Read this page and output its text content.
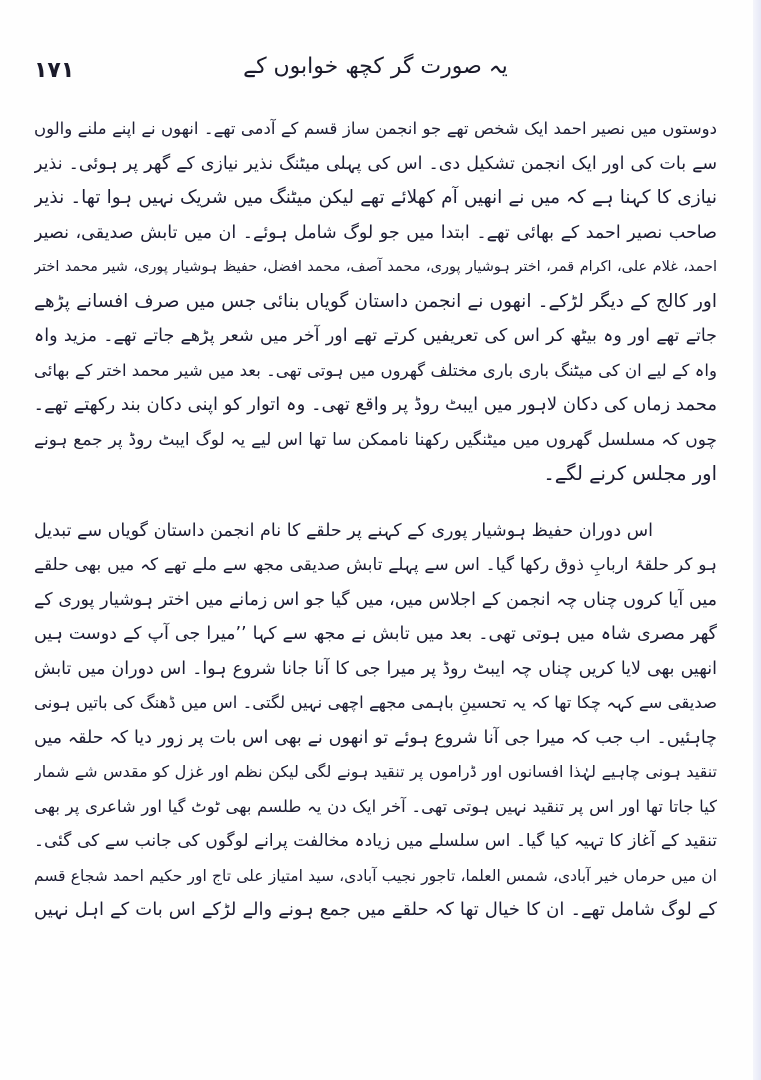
۱۷۱	یہ صورت گر کچھ خوابوں کے
دوستوں میں نصیر احمد ایک شخص تھے جو انجمن ساز قسم کے آدمی تھے۔ انھوں نے اپنے ملنے والوں
سے بات کی اور ایک انجمن تشکیل دی۔ اس کی پہلی میٹنگ نذیر نیازی کے گھر پر ہوئی۔ نذیر
نیازی کا کہنا ہے کہ میں نے انھیں آم کھلائے تھے لیکن میٹنگ میں شریک نہیں ہوا تھا۔ نذیر
صاحب نصیر احمد کے بھائی تھے۔ ابتدا میں جو لوگ شامل ہوئے۔ ان میں تابش صدیقی، نصیر
احمد، غلام علی، اکرام قمر، اختر ہوشیار پوری، محمد آصف، محمد افضل، حفیظ ہوشیار پوری، شیر محمد اختر
اور کالج کے دیگر لڑکے۔ انھوں نے انجمن داستان گویاں بنائی جس میں صرف افسانے پڑھے
جاتے تھے اور وہ بیٹھ کر اس کی تعریفیں کرتے تھے اور آخر میں شعر پڑھے جاتے تھے۔ مزید واہ
واہ کے لیے ان کی میٹنگ باری باری مختلف گھروں میں ہوتی تھی۔ بعد میں شیر محمد اختر کے بھائی
محمد زماں کی دکان لاہور میں ایبٹ روڈ پر واقع تھی۔ وہ اتوار کو اپنی دکان بند رکھتے تھے۔
چوں کہ مسلسل گھروں میں میٹنگیں رکھنا ناممکن سا تھا اس لیے یہ لوگ ایبٹ روڈ پر جمع ہونے
اور مجلس کرنے لگے۔
اس دوران حفیظ ہوشیار پوری کے کہنے پر حلقے کا نام انجمن داستان گویاں سے تبدیل
ہو کر حلقۂ اربابِ ذوق رکھا گیا۔ اس سے پہلے تابش صدیقی مجھ سے ملے تھے کہ میں بھی حلقے
میں آیا کروں چناں چہ انجمن کے اجلاس میں، میں گیا جو اس زمانے میں اختر ہوشیار پوری کے
گھر مصری شاہ میں ہوتی تھی۔ بعد میں تابش نے مجھ سے کہا ’’میرا جی آپ کے دوست ہیں
انھیں بھی لایا کریں چناں چہ ایبٹ روڈ پر میرا جی کا آنا جانا شروع ہوا۔ اس دوران میں تابش
صدیقی سے کہہ چکا تھا کہ یہ تحسینِ باہمی مجھے اچھی نہیں لگتی۔ اس میں ڈھنگ کی باتیں ہونی
چاہئیں۔ اب جب کہ میرا جی آنا شروع ہوئے تو انھوں نے بھی اس بات پر زور دیا کہ حلقہ میں
تنقید ہونی چاہیے لہٰذا افسانوں اور ڈراموں پر تنقید ہونے لگی لیکن نظم اور غزل کو مقدس شے شمار
کیا جاتا تھا اور اس پر تنقید نہیں ہوتی تھی۔ آخر ایک دن یہ طلسم بھی ٹوٹ گیا اور شاعری پر بھی
تنقید کے آغاز کا تہیہ کیا گیا۔ اس سلسلے میں زیادہ مخالفت پرانے لوگوں کی جانب سے کی گئی۔
ان میں حرماں خیر آبادی، شمس العلما، تاجور نجیب آبادی، سید امتیاز علی تاج اور حکیم احمد شجاع قسم
کے لوگ شامل تھے۔ ان کا خیال تھا کہ حلقے میں جمع ہونے والے لڑکے اس بات کے اہل نہیں
